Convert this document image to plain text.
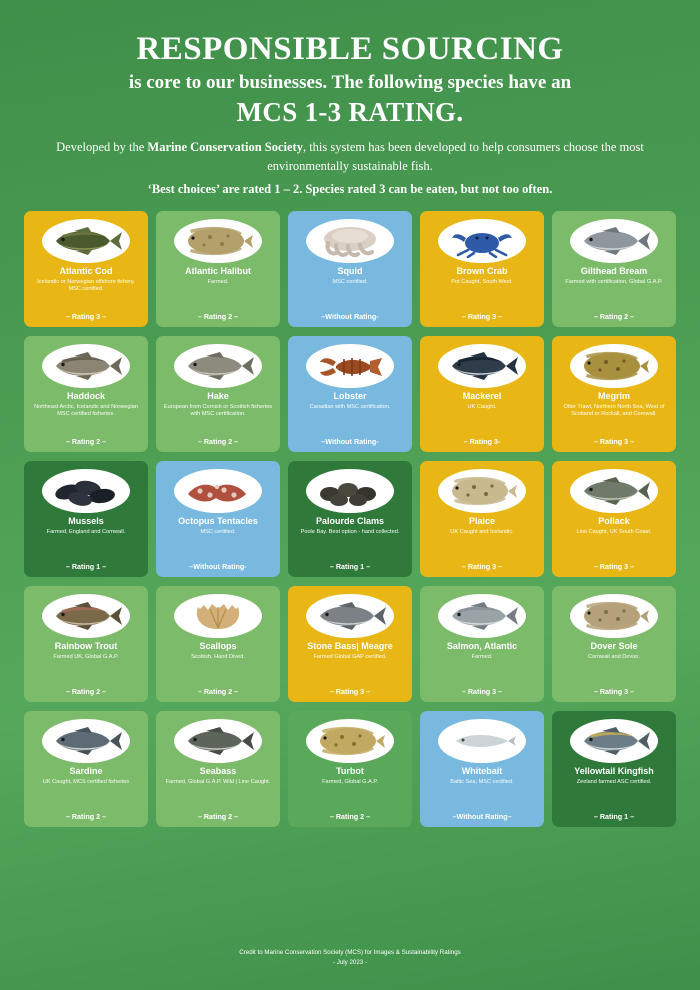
RESPONSIBLE SOURCING
is core to our businesses. The following species have an
MCS 1-3 RATING.
Developed by the Marine Conservation Society, this system has been developed to help consumers choose the most environmentally sustainable fish.
‘Best choices’ are rated 1 – 2. Species rated 3 can be eaten, but not too often.
Atlantic Cod
Icelandic or Norwegian offshore fishery. MSC certified.
– Rating 3 –
Atlantic Halibut
Farmed.
– Rating 2 –
Squid
MSC certified.
–Without Rating-
Brown Crab
Pot Caught, South West.
– Rating 3 –
Gilthead Bream
Farmed with certification, Global G.A.P.
– Rating 2 –
Haddock
Northeast Arctic, Icelandic and Norwegian MSC certified fisheries.
– Rating 2 –
Hake
European from Cornish or Scottish fisheries with MSC certification.
– Rating 2 –
Lobster
Canadian with MSC certification.
–Without Rating-
Mackerel
UK Caught.
– Rating 3-
Megrim
Otter Trawl, Northern North Sea, West of Scotland or Rockall, and Cornwall.
– Rating 3 –
Mussels
Farmed, England and Cornwall.
– Rating 1 –
Octopus Tentacles
MSC certified.
–Without Rating-
Palourde Clams
Poole Bay. Best option - hand collected.
– Rating 1 –
Plaice
UK Caught and Icelandic.
– Rating 3 –
Pollack
Line Caught, UK South Coast.
– Rating 3 –
Rainbow Trout
Farmed UK, Global G.A.P.
– Rating 2 –
Scallops
Scottish, Hand Dived.
– Rating 2 –
Stone Bass| Meagre
Farmed Global GAP certified.
– Rating 3 –
Salmon, Atlantic
Farmed.
– Rating 3 –
Dover Sole
Cornwall and Devon.
– Rating 3 –
Sardine
UK Caught, MCS certified fisheries
– Rating 2 –
Seabass
Farmed, Global G.A.P. Wild | Line Caught.
– Rating 2 –
Turbot
Farmed, Global G.A.P.
– Rating 2 –
Whitebait
Baltic Sea, MSC certified.
–Without Rating–
Yellowtail Kingfish
Zeeland farmed ASC certified.
– Rating 1 –
Credit to Marine Conservation Society (MCS) for Images & Sustainability Ratings
- July 2023 -
